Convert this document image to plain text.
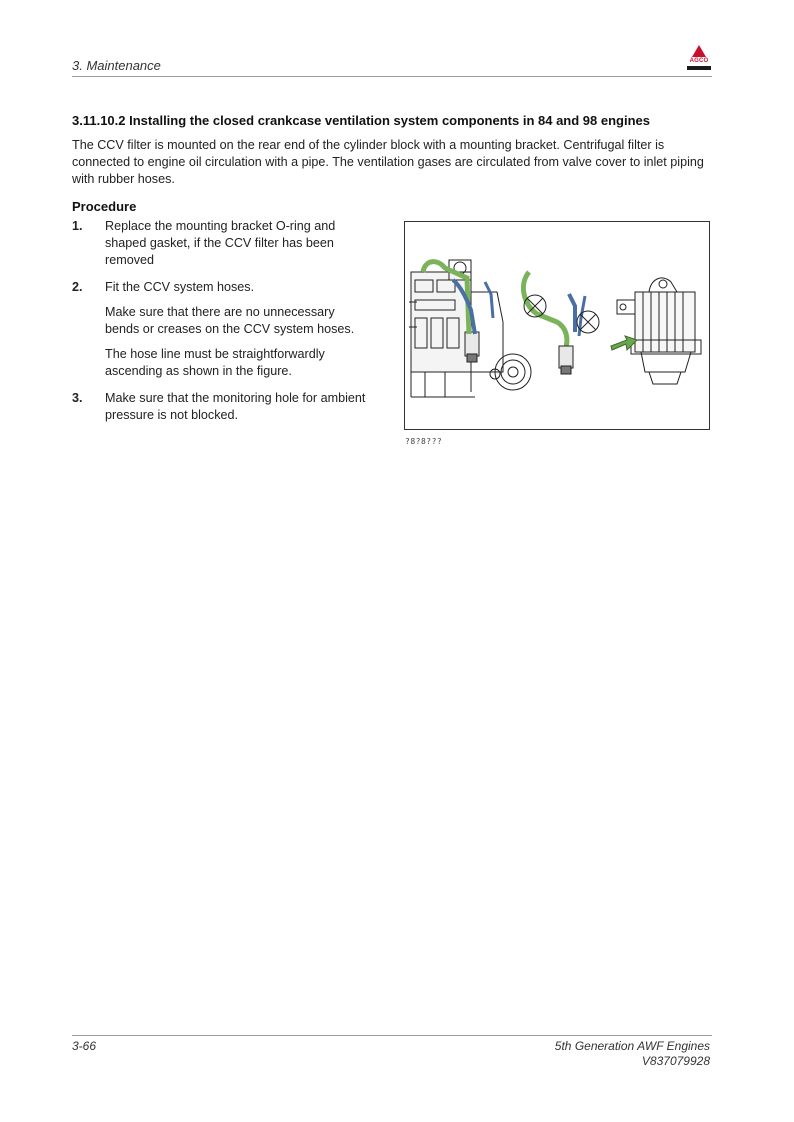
3. Maintenance	AGCO
3.11.10.2 Installing the closed crankcase ventilation system components in 84 and 98 engines

The CCV filter is mounted on the rear end of the cylinder block with a mounting bracket. Centrifugal filter is connected to engine oil circulation with a pipe. The ventilation gases are circulated from valve cover to inlet piping with rubber hoses.

Procedure
1. Replace the mounting bracket O-ring and shaped gasket, if the CCV filter has been removed
2. Fit the CCV system hoses.
Make sure that there are no unnecessary bends or creases on the CCV system hoses.
The hose line must be straightforwardly ascending as shown in the figure.
3. Make sure that the monitoring hole for ambient pressure is not blocked.
?8?8???
3-66	5th Generation AWF Engines
V837079928
